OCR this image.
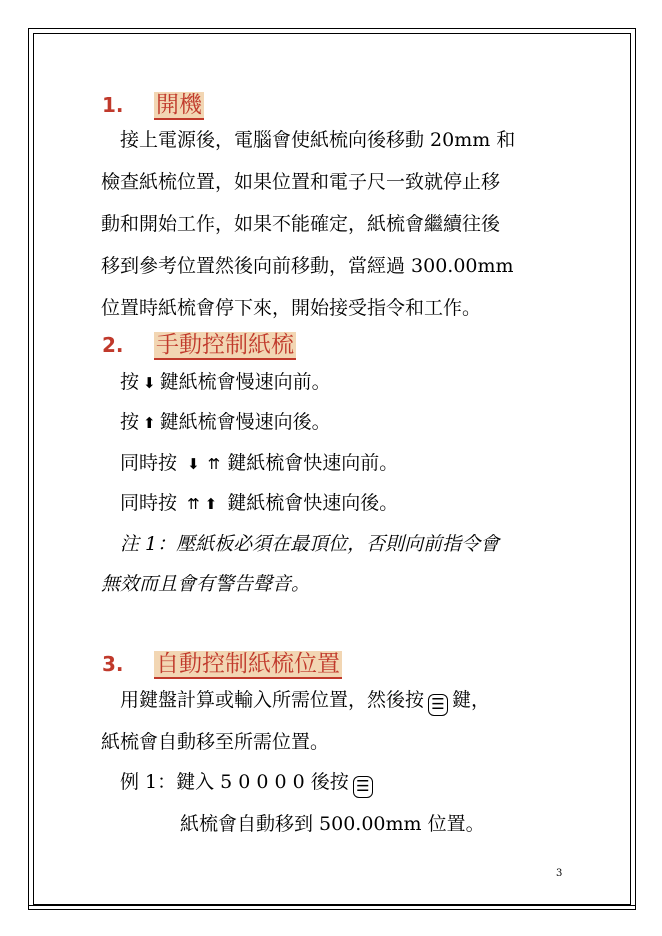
1. 開機
接上電源後，電腦會使紙梳向後移動 20mm 和
檢查紙梳位置，如果位置和電子尺一致就停止移
動和開始工作，如果不能確定，紙梳會繼續往後
移到參考位置然後向前移動，當經過 300.00mm
位置時紙梳會停下來，開始接受指令和工作。
2. 手動控制紙梳
按 ⬇ 鍵紙梳會慢速向前。
按 ⬆ 鍵紙梳會慢速向後。
同時按 ⬇ ⇈ 鍵紙梳會快速向前。
同時按 ⇈ ⬆ 鍵紙梳會快速向後。
注 1：壓紙板必須在最頂位，否則向前指令會
無效而且會有警告聲音。
3. 自動控制紙梳位置
用鍵盤計算或輸入所需位置，然後按 ☰ 鍵，
紙梳會自動移至所需位置。
例 1：鍵入 5 0 0 0 0 後按 ☰
紙梳會自動移到 500.00mm 位置。
3
